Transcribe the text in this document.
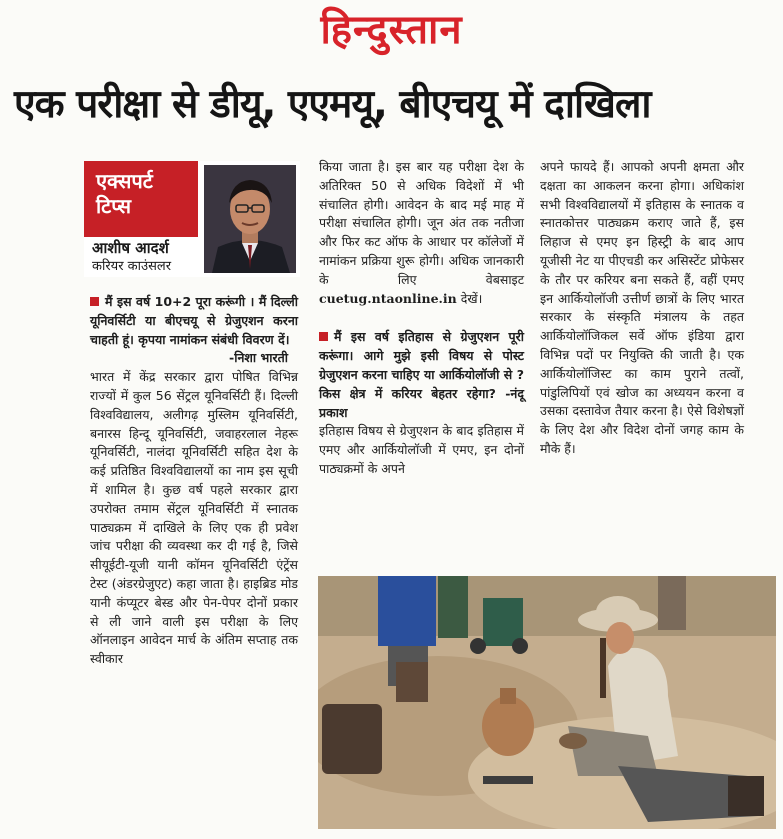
हिन्दुस्तान
एक परीक्षा से डीयू, एएमयू, बीएचयू में दाखिला
एक्सपर्ट
टिप्स
आशीष आदर्श
करियर काउंसलर

मैं इस वर्ष 10+2 पूरा करूंगी । मैं दिल्ली यूनिवर्सिटी या बीएचयू से ग्रेजुएशन करना चाहती हूं। कृपया नामांकन संबंधी विवरण दें।

-निशा भारती

भारत में केंद्र सरकार द्वारा पोषित विभिन्न राज्यों में कुल 56 सेंट्रल यूनिवर्सिटी हैं। दिल्ली विश्वविद्यालय, अलीगढ़ मुस्लिम यूनिवर्सिटी, बनारस हिन्दू यूनिवर्सिटी, जवाहरलाल नेहरू यूनिवर्सिटी, नालंदा यूनिवर्सिटी सहित देश के कई प्रतिष्ठित विश्वविद्यालयों का नाम इस सूची में शामिल है। कुछ वर्ष पहले सरकार द्वारा उपरोक्त तमाम सेंट्रल यूनिवर्सिटी में स्नातक पाठ्यक्रम में दाखिले के लिए एक ही प्रवेश जांच परीक्षा की व्यवस्था कर दी गई है, जिसे सीयूईटी-यूजी यानी कॉमन यूनिवर्सिटी एंट्रेंस टेस्ट (अंडरग्रेजुएट) कहा जाता है। हाइब्रिड मोड यानी कंप्यूटर बेस्ड और पेन-पेपर दोनों प्रकार से ली जाने वाली इस परीक्षा के लिए ऑनलाइन आवेदन मार्च के अंतिम सप्ताह तक स्वीकार

किया जाता है। इस बार यह परीक्षा देश के अतिरिक्त 50 से अधिक विदेशों में भी संचालित होगी। आवेदन के बाद मई माह में परीक्षा संचालित होगी। जून अंत तक नतीजा और फिर कट ऑफ के आधार पर कॉलेजों में नामांकन प्रक्रिया शुरू होगी। अधिक जानकारी के लिए वेबसाइट cuetug.ntaonline.in देखें।

मैं इस वर्ष इतिहास से ग्रेजुएशन पूरी करूंगा। आगे मुझे इसी विषय से पोस्ट ग्रेजुएशन करना चाहिए या आर्कियोलॉजी से ? किस क्षेत्र में करियर बेहतर रहेगा? -नंदू प्रकाश

इतिहास विषय से ग्रेजुएशन के बाद इतिहास में एमए और आर्कियोलॉजी में एमए, इन दोनों पाठ्यक्रमों के अपने

अपने फायदे हैं। आपको अपनी क्षमता और दक्षता का आकलन करना होगा। अधिकांश सभी विश्वविद्यालयों में इतिहास के स्नातक व स्नातकोत्तर पाठ्यक्रम कराए जाते हैं, इस लिहाज से एमए इन हिस्ट्री के बाद आप यूजीसी नेट या पीएचडी कर असिस्टेंट प्रोफेसर के तौर पर करियर बना सकते हैं, वहीं एमए इन आर्कियोलॉजी उत्तीर्ण छात्रों के लिए भारत सरकार के संस्कृति मंत्रालय के तहत आर्कियोलॉजिकल सर्वे ऑफ इंडिया द्वारा विभिन्न पदों पर नियुक्ति की जाती है। एक आर्कियोलॉजिस्ट का काम पुराने तत्वों, पांडुलिपियों एवं खोज का अध्ययन करना व उसका दस्तावेज तैयार करना है। ऐसे विशेषज्ञों के लिए देश और विदेश दोनों जगह काम के मौके हैं।
